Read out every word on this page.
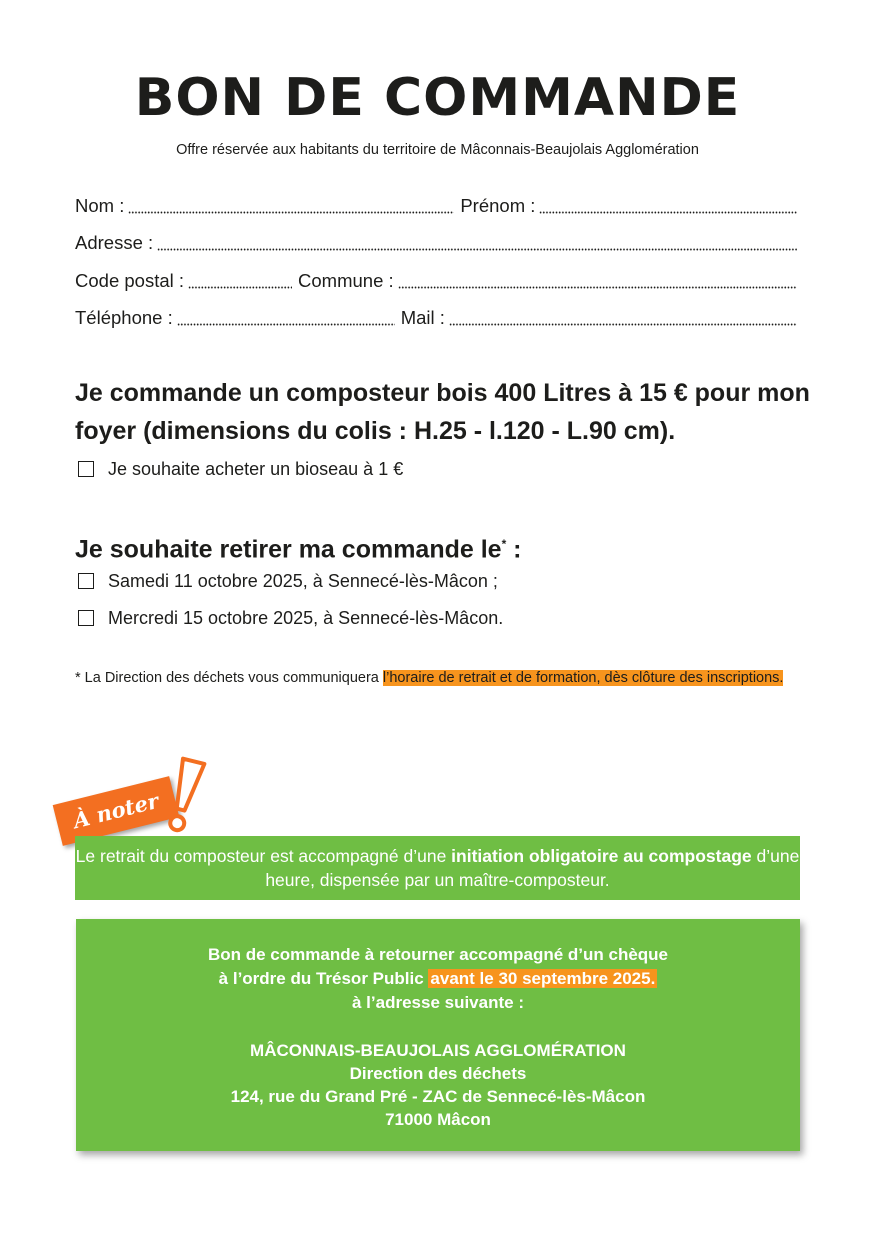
BON DE COMMANDE
Offre réservée aux habitants du territoire de Mâconnais-Beaujolais Agglomération
Nom :	Prénom :
Adresse :
Code postal :	Commune :
Téléphone :	Mail :
Je commande un composteur bois 400 Litres à 15 € pour mon foyer (dimensions du colis : H.25 - l.120 - L.90 cm).
Je souhaite acheter un bioseau à 1 €
Je souhaite retirer ma commande le* :
Samedi 11 octobre 2025, à Sennecé-lès-Mâcon ;
Mercredi 15 octobre 2025, à Sennecé-lès-Mâcon.
* La Direction des déchets vous communiquera l’horaire de retrait et de formation, dès clôture des inscriptions.
À noter
Le retrait du composteur est accompagné d’une initiation obligatoire au compostage d’une heure, dispensée par un maître-composteur.
Bon de commande à retourner accompagné d’un chèque
à l’ordre du Trésor Public avant le 30 septembre 2025.
à l’adresse suivante :
MÂCONNAIS-BEAUJOLAIS AGGLOMÉRATION
Direction des déchets
124, rue du Grand Pré - ZAC de Sennecé-lès-Mâcon
71000 Mâcon
